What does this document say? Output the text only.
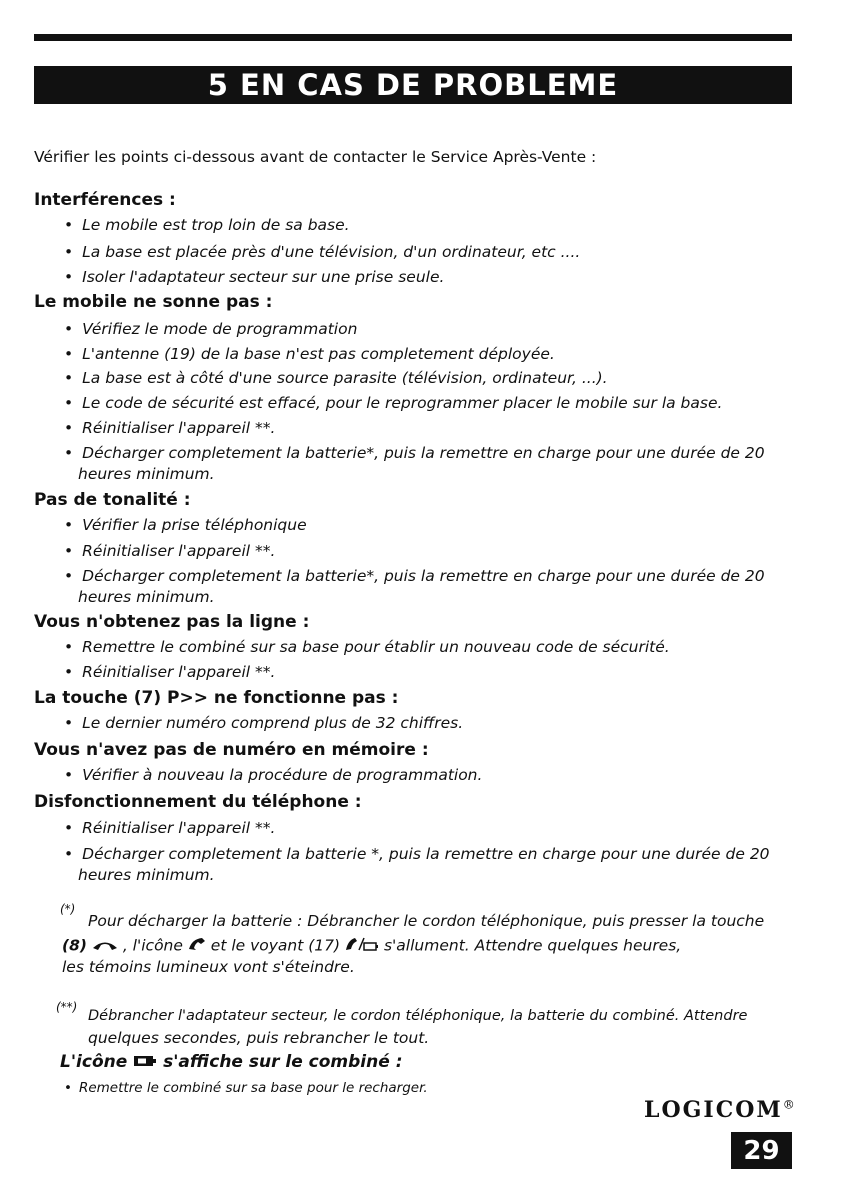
5 EN CAS DE PROBLEME
Vérifier les points ci-dessous avant de contacter le Service Après-Vente :
Interférences :
• Le mobile est trop loin de sa base.
• La base est placée près d'une télévision, d'un ordinateur, etc ....
• Isoler l'adaptateur secteur sur une prise seule.
Le mobile ne sonne pas :
• Vérifiez le mode de programmation
• L'antenne (19) de la base n'est pas completement déployée.
• La base est à côté d'une source parasite (télévision, ordinateur, ...).
• Le code de sécurité est effacé, pour le reprogrammer placer le mobile sur la base.
• Réinitialiser l'appareil **.
• Décharger completement la batterie*, puis la remettre en charge pour une durée de 20
heures minimum.
Pas de tonalité :
• Vérifier la prise téléphonique
• Réinitialiser l'appareil **.
• Décharger completement la batterie*, puis la remettre en charge pour une durée de 20
heures minimum.
Vous n'obtenez pas la ligne :
• Remettre le combiné sur sa base pour établir un nouveau code de sécurité.
• Réinitialiser l'appareil **.
La touche (7) P>> ne fonctionne pas :
• Le dernier numéro comprend plus de 32 chiffres.
Vous n'avez pas de numéro en mémoire :
• Vérifier à nouveau la procédure de programmation.
Disfonctionnement du téléphone :
• Réinitialiser l'appareil **.
• Décharger completement la batterie *, puis la remettre en charge pour une durée de 20
heures minimum.
(*)
Pour décharger la batterie : Débrancher le cordon téléphonique, puis presser la touche
(8) , l'icône et le voyant (17)	s'allument. Attendre quelques heures,
les témoins lumineux vont s'éteindre.
(**)
Débrancher l'adaptateur secteur, le cordon téléphonique, la batterie du combiné. Attendre
quelques secondes, puis rebrancher le tout.
L'icône s'affiche sur le combiné :
• Remettre le combiné sur sa base pour le recharger.
LOGICOM®
29
